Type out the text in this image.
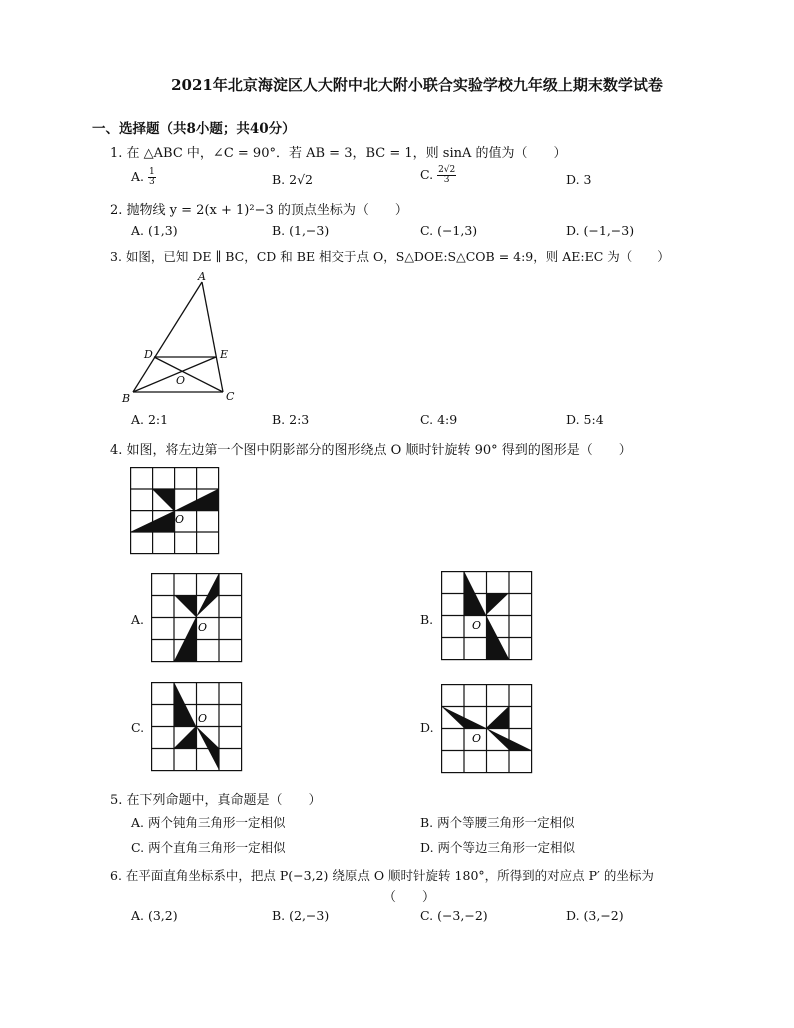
2021年北京海淀区人大附中北大附小联合实验学校九年级上期末数学试卷
一、选择题（共8小题；共40分）
1. 在 △ABC 中，∠C = 90°．若 AB = 3，BC = 1，则 sinA 的值为（　　）
A. $\frac{1}{3}$	B. 2√2	C. $\frac{2√2}{3}$	D. 3
2. 抛物线 y = 2(x + 1)²−3 的顶点坐标为（　　）
A. (1,3)	B. (1,−3)	C. (−1,3)	D. (−1,−3)
3. 如图，已知 DE ∥ BC，CD 和 BE 相交于点 O，S△DOE:S△COB = 4:9，则 AE:EC 为（　　）
A
B	C
D	E
O
A. 2:1	B. 2:3	C. 4:9	D. 5:4
4. 如图，将左边第一个图中阴影部分的图形绕点 O 顺时针旋转 90° 得到的图形是（　　）
O
A.
O
B.	O
C.
O
D.
O
5. 在下列命题中，真命题是（　　）
A. 两个钝角三角形一定相似	B. 两个等腰三角形一定相似
C. 两个直角三角形一定相似	D. 两个等边三角形一定相似
6. 在平面直角坐标系中，把点 P(−3,2) 绕原点 O 顺时针旋转 180°，所得到的对应点 P′ 的坐标为
（　　）
A. (3,2)	B. (2,−3)	C. (−3,−2)	D. (3,−2)
